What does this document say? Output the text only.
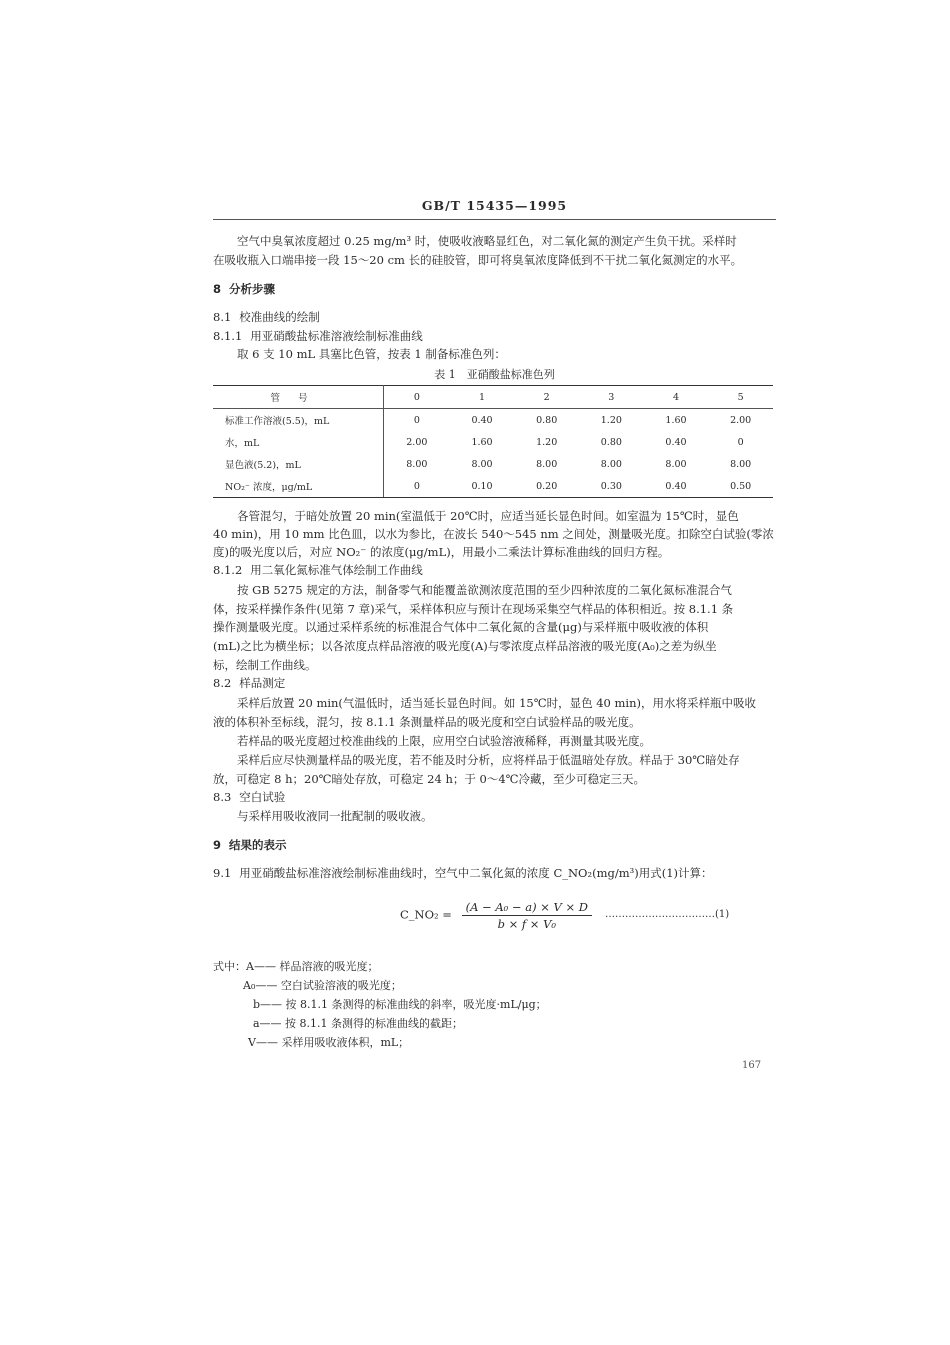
GB/T 15435—1995
空气中臭氧浓度超过 0.25 mg/m³ 时，使吸收液略显红色，对二氧化氮的测定产生负干扰。采样时
在吸收瓶入口端串接一段 15～20 cm 长的硅胶管，即可将臭氧浓度降低到不干扰二氧化氮测定的水平。
8 分析步骤
8.1 校准曲线的绘制
8.1.1 用亚硝酸盐标准溶液绘制标准曲线
取 6 支 10 mL 具塞比色管，按表 1 制备标准色列：
表 1　亚硝酸盐标准色列
管号	0	1	2	3	4	5
标准工作溶液(5.5)，mL	0	0.40	0.80	1.20	1.60	2.00
水，mL	2.00	1.60	1.20	0.80	0.40	0
显色液(5.2)，mL	8.00	8.00	8.00	8.00	8.00	8.00
NO₂⁻ 浓度，μg/mL	0	0.10	0.20	0.30	0.40	0.50
各管混匀，于暗处放置 20 min(室温低于 20℃时，应适当延长显色时间。如室温为 15℃时，显色
40 min)，用 10 mm 比色皿，以水为参比，在波长 540～545 nm 之间处，测量吸光度。扣除空白试验(零浓
度)的吸光度以后，对应 NO₂⁻ 的浓度(μg/mL)，用最小二乘法计算标准曲线的回归方程。
8.1.2 用二氧化氮标准气体绘制工作曲线
按 GB 5275 规定的方法，制备零气和能覆盖欲测浓度范围的至少四种浓度的二氧化氮标准混合气
体，按采样操作条件(见第 7 章)采气，采样体积应与预计在现场采集空气样品的体积相近。按 8.1.1 条
操作测量吸光度。以通过采样系统的标准混合气体中二氧化氮的含量(μg)与采样瓶中吸收液的体积
(mL)之比为横坐标；以各浓度点样品溶液的吸光度(A)与零浓度点样品溶液的吸光度(A₀)之差为纵坐
标，绘制工作曲线。
8.2 样品测定
采样后放置 20 min(气温低时，适当延长显色时间。如 15℃时，显色 40 min)，用水将采样瓶中吸收
液的体积补至标线，混匀，按 8.1.1 条测量样品的吸光度和空白试验样品的吸光度。
若样品的吸光度超过校准曲线的上限，应用空白试验溶液稀释，再测量其吸光度。
采样后应尽快测量样品的吸光度，若不能及时分析，应将样品于低温暗处存放。样品于 30℃暗处存
放，可稳定 8 h；20℃暗处存放，可稳定 24 h；于 0～4℃冷藏，至少可稳定三天。
8.3 空白试验
与采样用吸收液同一批配制的吸收液。
9 结果的表示
9.1 用亚硝酸盐标准溶液绘制标准曲线时，空气中二氧化氮的浓度 C_NO₂(mg/m³)用式(1)计算：
C_NO₂ = $\frac{\text{(A − A₀ − a) × V × D}}{\text{b × f × V₀}}$ ……………………………(1)
式中：A—— 样品溶液的吸光度；
A₀—— 空白试验溶液的吸光度；
b—— 按 8.1.1 条测得的标准曲线的斜率，吸光度·mL/μg；
a—— 按 8.1.1 条测得的标准曲线的截距；
V—— 采样用吸收液体积，mL；
167
